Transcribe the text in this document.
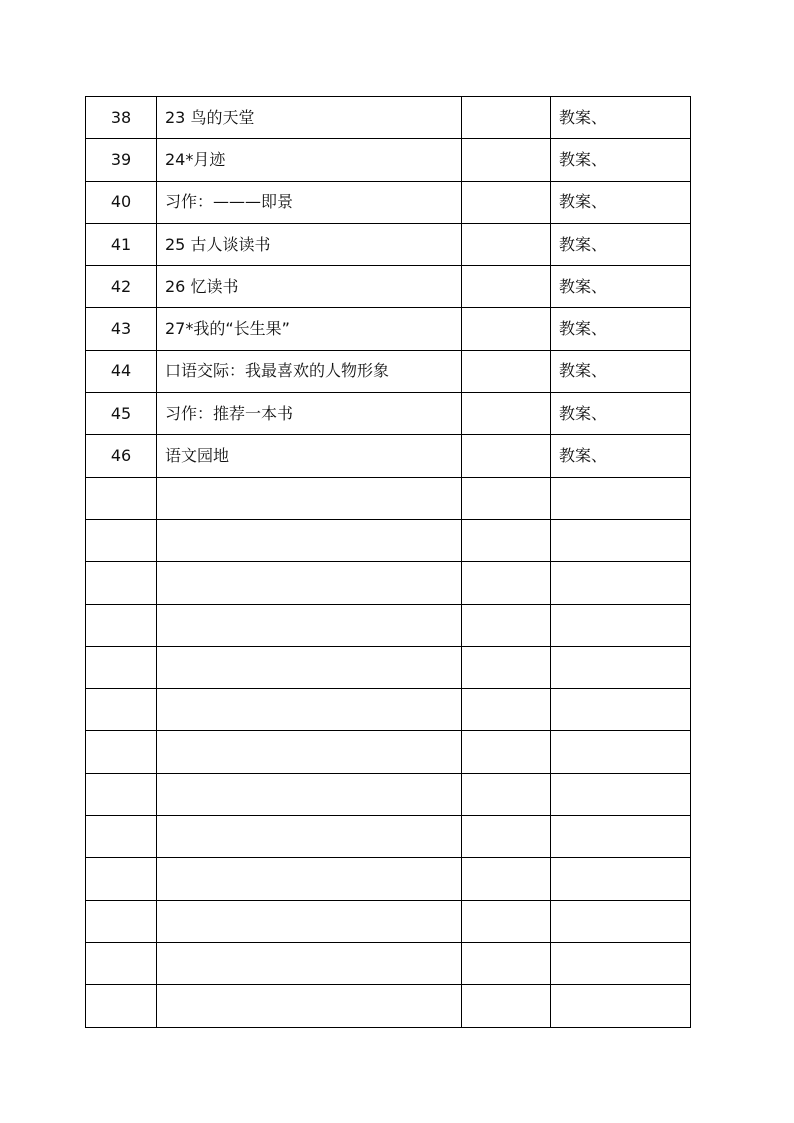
38	23 鸟的天堂		教案、
39	24*月迹		教案、
40	习作：———即景		教案、
41	25 古人谈读书		教案、
42	26 忆读书		教案、
43	27*我的“长生果”		教案、
44	口语交际：我最喜欢的人物形象		教案、
45	习作：推荐一本书		教案、
46	语文园地		教案、
